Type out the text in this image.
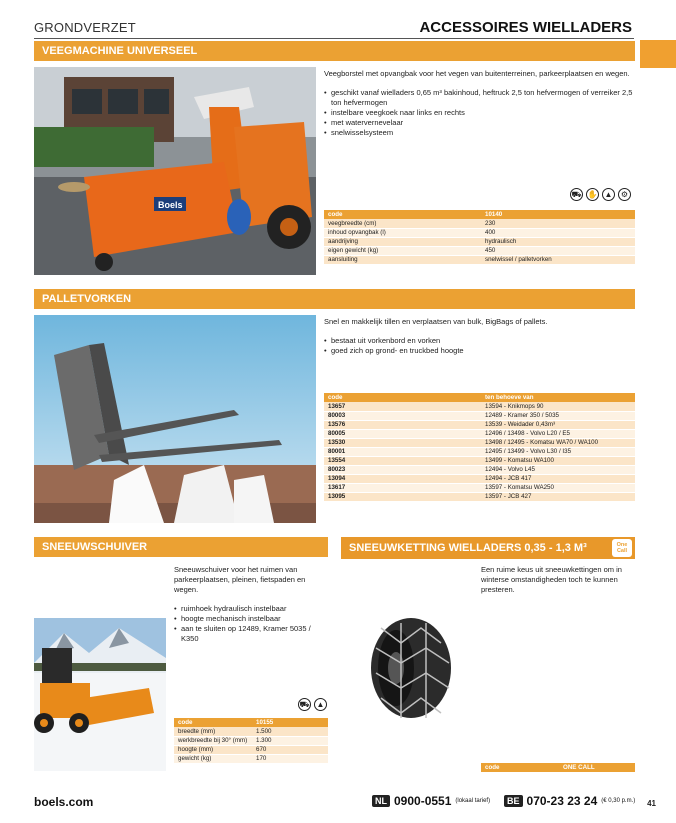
GRONDVERZET	ACCESSOIRES WIELLADERS
VEEGMACHINE UNIVERSEEL
Boels
Veegborstel met opvangbak voor het vegen van buitenterreinen, parkeerplaatsen en wegen.
• geschikt vanaf wielladers 0,65 m³ bakinhoud, heftruck 2,5 ton hefvermogen of verreiker 2,5 ton hefvermogen
• instelbare veegkoek naar links en rechts
• met watervernevelaar
• snelwisselsysteem
⛟ ✋ ▲	⚙
code	10140
veegbreedte (cm)	230
inhoud opvangbak (l)	400
aandrijving	hydraulisch
eigen gewicht (kg)	450
aansluiting	snelwissel / palletvorken
PALLETVORKEN
Snel en makkelijk tillen en verplaatsen van bulk, BigBags of pallets.
• bestaat uit vorkenbord en vorken
• goed zich op grond- en truckbed hoogte
code	ten behoeve van
13657	13594 - Knikmops 90
80003	12489 - Kramer 350 / 5035
13576	13539 - Weidader 0,43m³
80005	12496 / 13498 - Volvo L20 / E5
13530	13498 / 12495 - Komatsu WA70 / WA100
80001	12495 / 13499 - Volvo L30 / I35
13554	13499 - Komatsu WA100
80023	12494 - Volvo L45
13094	12494 - JCB 417
13617	13597 - Komatsu WA250
13095	13597 - JCB 427
SNEEUWSCHUIVER
Sneeuwschuiver voor het ruimen van parkeerplaatsen, pleinen, fietspaden en wegen.
• ruimhoek hydraulisch instelbaar
• hoogte mechanisch instelbaar
• aan te sluiten op 12489, Kramer 5035 / K350
⛟ ▲
code	10155
breedte (mm)	1.500
werkbreedte bij 30° (mm)	1.300
hoogte (mm)	670
gewicht (kg)	170
SNEEUWKETTING WIELLADERS 0,35 - 1,3 M³	One Call
Een ruime keus uit sneeuwkettingen om in winterse omstandigheden toch te kunnen presteren.
code	ONE CALL
boels.com	NL 0900-0551 (lokaal tarief)	BE 070-23 23 24 (€ 0,30 p.m.) 41
